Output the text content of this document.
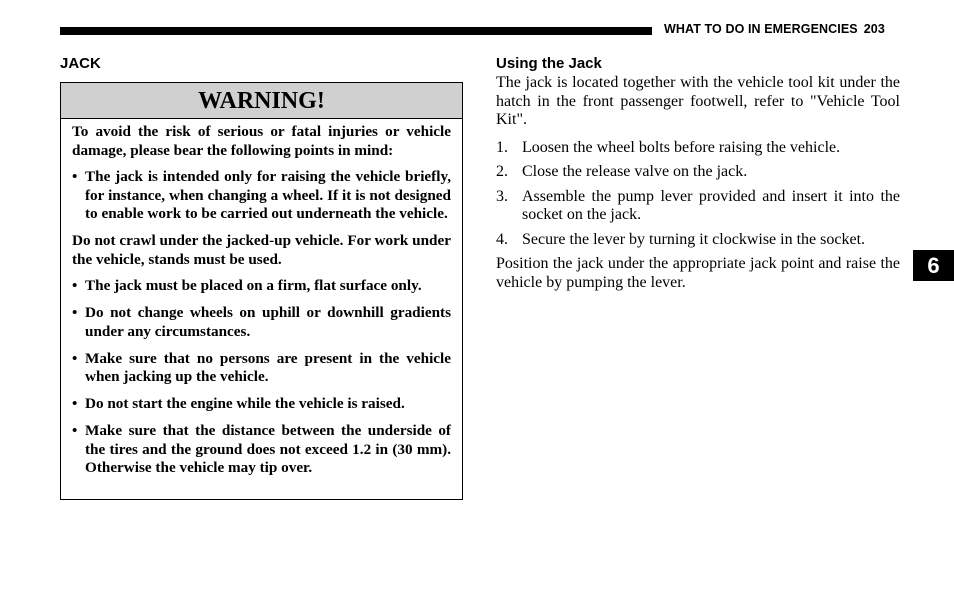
WHAT TO DO IN EMERGENCIES 203
6
JACK
WARNING!

To avoid the risk of serious or fatal injuries or vehicle damage, please bear the following points in mind:

• The jack is intended only for raising the vehicle briefly, for instance, when changing a wheel. If it is not designed to enable work to be carried out underneath the vehicle.

Do not crawl under the jacked-up vehicle. For work under the vehicle, stands must be used.

• The jack must be placed on a firm, flat surface only.
• Do not change wheels on uphill or downhill gradients under any circumstances.
• Make sure that no persons are present in the vehicle when jacking up the vehicle.
• Do not start the engine while the vehicle is raised.
• Make sure that the distance between the underside of the tires and the ground does not exceed 1.2 in (30 mm). Otherwise the vehicle may tip over.
Using the Jack

The jack is located together with the vehicle tool kit under the hatch in the front passenger footwell, refer to "Vehicle Tool Kit".

1. Loosen the wheel bolts before raising the vehicle.
2. Close the release valve on the jack.
3. Assemble the pump lever provided and insert it into the socket on the jack.
4. Secure the lever by turning it clockwise in the socket.

Position the jack under the appropriate jack point and raise the vehicle by pumping the lever.
